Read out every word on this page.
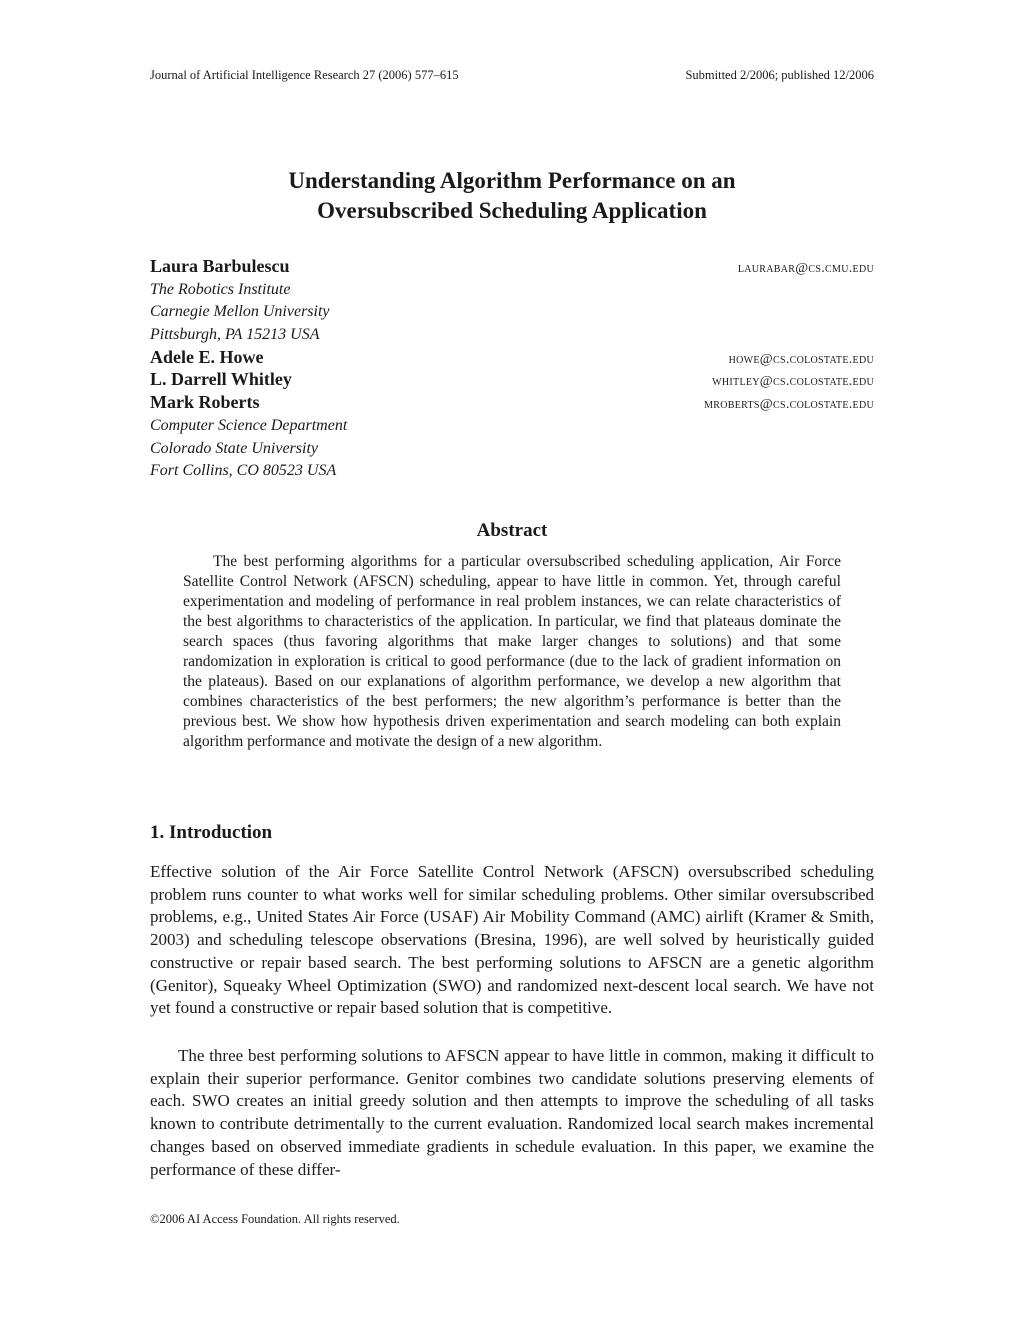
Journal of Artificial Intelligence Research 27 (2006) 577–615	Submitted 2/2006; published 12/2006
Understanding Algorithm Performance on an
Oversubscribed Scheduling Application
Laura Barbulescu	laurabar@cs.cmu.edu
The Robotics Institute
Carnegie Mellon University
Pittsburgh, PA 15213 USA
Adele E. Howe	howe@cs.colostate.edu
L. Darrell Whitley	whitley@cs.colostate.edu
Mark Roberts	mroberts@cs.colostate.edu
Computer Science Department
Colorado State University
Fort Collins, CO 80523 USA
Abstract

The best performing algorithms for a particular oversubscribed scheduling application, Air Force Satellite Control Network (AFSCN) scheduling, appear to have little in common. Yet, through careful experimentation and modeling of performance in real problem instances, we can relate characteristics of the best algorithms to characteristics of the application. In particular, we find that plateaus dominate the search spaces (thus favoring algorithms that make larger changes to solutions) and that some randomization in exploration is critical to good performance (due to the lack of gradient information on the plateaus). Based on our explanations of algorithm performance, we develop a new algorithm that combines characteristics of the best performers; the new algorithm’s performance is better than the previous best. We show how hypothesis driven experimentation and search modeling can both explain algorithm performance and motivate the design of a new algorithm.

1. Introduction

Effective solution of the Air Force Satellite Control Network (AFSCN) oversubscribed scheduling problem runs counter to what works well for similar scheduling problems. Other similar oversubscribed problems, e.g., United States Air Force (USAF) Air Mobility Command (AMC) airlift (Kramer & Smith, 2003) and scheduling telescope observations (Bresina, 1996), are well solved by heuristically guided constructive or repair based search. The best performing solutions to AFSCN are a genetic algorithm (Genitor), Squeaky Wheel Optimization (SWO) and randomized next-descent local search. We have not yet found a constructive or repair based solution that is competitive.

The three best performing solutions to AFSCN appear to have little in common, making it difficult to explain their superior performance. Genitor combines two candidate solutions preserving elements of each. SWO creates an initial greedy solution and then attempts to improve the scheduling of all tasks known to contribute detrimentally to the current evaluation. Randomized local search makes incremental changes based on observed immediate gradients in schedule evaluation. In this paper, we examine the performance of these differ-

©2006 AI Access Foundation. All rights reserved.
